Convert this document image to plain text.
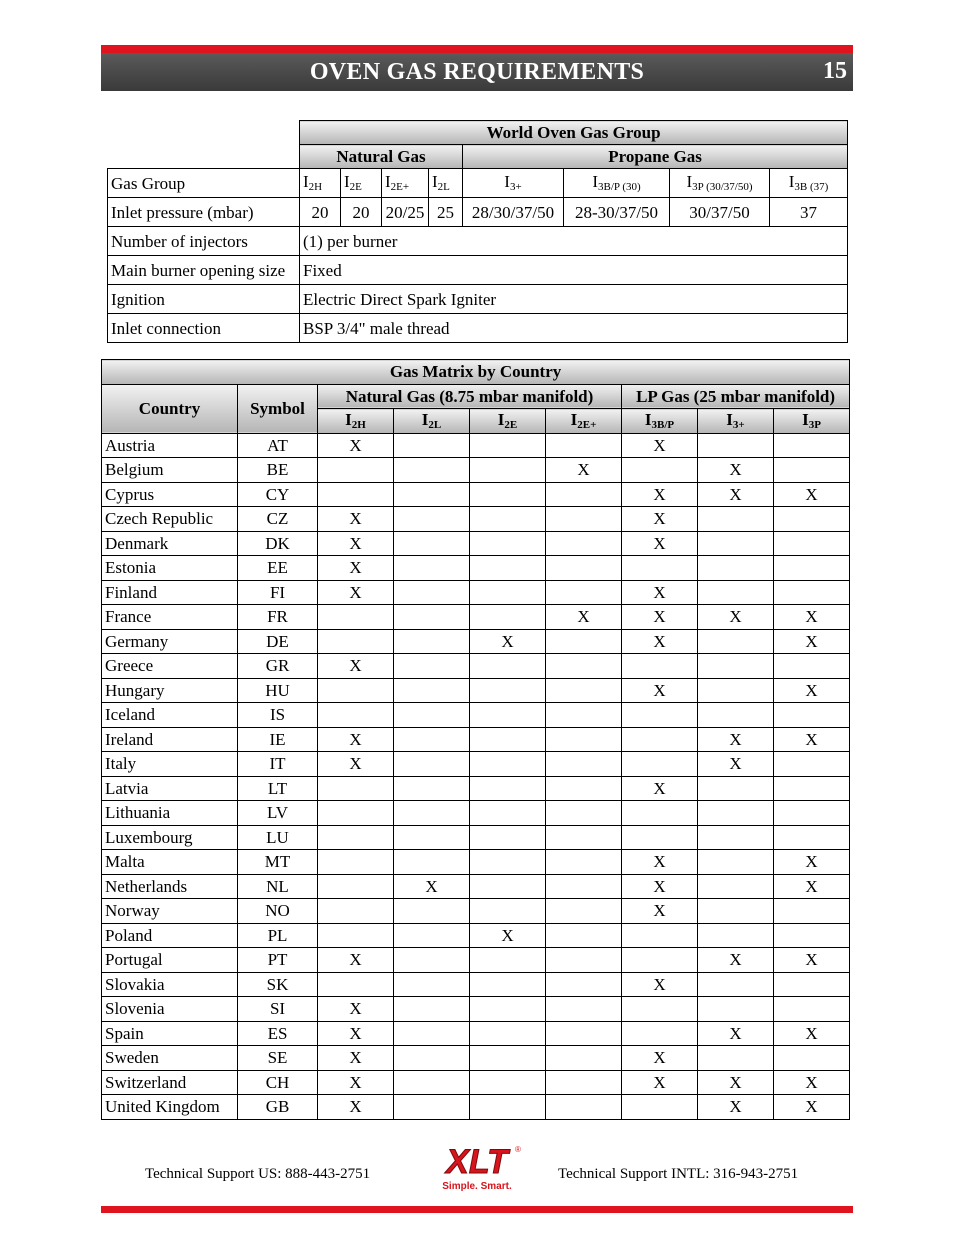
OVEN GAS REQUIREMENTS	15
	World Oven Gas Group							
	Natural Gas				Propane Gas			
Gas Group	$I_{2H}$	$I_{2E}$	$I_{2E+}$	$I_{2L}$	$I_{3+}$	$I_{3B/P (30)}$	$I_{3P (30/37/50)}$	$I_{3B (37)}$
Inlet pressure (mbar)	20	20	20/25	25	28/30/37/50	28-30/37/50	30/37/50	37
Number of injectors	(1) per burner							
Main burner opening size	Fixed							
Ignition	Electric Direct Spark Igniter							
Inlet connection	BSP 3/4" male thread							
Gas Matrix by Country								
Country	Symbol	Natural Gas (8.75 mbar manifold)				LP Gas (25 mbar manifold)		
		$I_{2H}$	$I_{2L}$	$I_{2E}$	$I_{2E+}$	$I_{3B/P}$	$I_{3+}$	$I_{3P}$
Austria	AT	X				X		
Belgium	BE				X		X	
Cyprus	CY					X	X	X
Czech Republic	CZ	X				X		
Denmark	DK	X				X		
Estonia	EE	X						
Finland	FI	X				X		
France	FR				X	X	X	X
Germany	DE			X		X		X
Greece	GR	X						
Hungary	HU					X		X
Iceland	IS							
Ireland	IE	X					X	X
Italy	IT	X					X	
Latvia	LT					X		
Lithuania	LV							
Luxembourg	LU							
Malta	MT					X		X
Netherlands	NL		X			X		X
Norway	NO					X		
Poland	PL			X				
Portugal	PT	X					X	X
Slovakia	SK					X		
Slovenia	SI	X						
Spain	ES	X					X	X
Sweden	SE	X				X		
Switzerland	CH	X				X	X	X
United Kingdom	GB	X					X	X
Technical Support US: 888-443-2751	Technical Support INTL: 316-943-2751
XLT ®
Simple. Smart.
